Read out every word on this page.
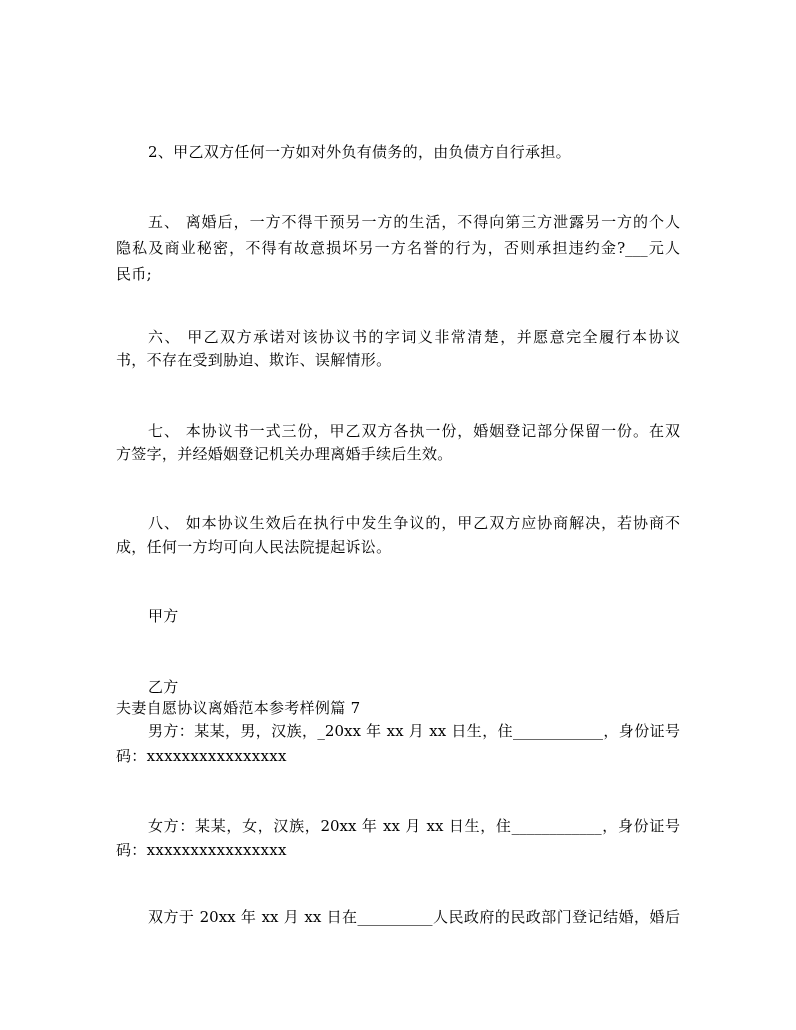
2、甲乙双方任何一方如对外负有债务的，由负债方自行承担。
五、 离婚后，一方不得干预另一方的生活，不得向第三方泄露另一方的个人
隐私及商业秘密，不得有故意损坏另一方名誉的行为，否则承担违约金?___元人
民币;
六、 甲乙双方承诺对该协议书的字词义非常清楚，并愿意完全履行本协议
书，不存在受到胁迫、欺诈、误解情形。
七、 本协议书一式三份，甲乙双方各执一份，婚姻登记部分保留一份。在双
方签字，并经婚姻登记机关办理离婚手续后生效。
八、 如本协议生效后在执行中发生争议的，甲乙双方应协商解决，若协商不
成，任何一方均可向人民法院提起诉讼。
甲方
乙方
夫妻自愿协议离婚范本参考样例篇 7
男方：某某，男，汉族，_20xx 年 xx 月 xx 日生，住____________，身份证号
码：xxxxxxxxxxxxxxxx
女方：某某，女，汉族，20xx 年 xx 月 xx 日生，住____________，身份证号
码：xxxxxxxxxxxxxxxx
双方于 20xx 年 xx 月 xx 日在__________人民政府的民政部门登记结婚，婚后
